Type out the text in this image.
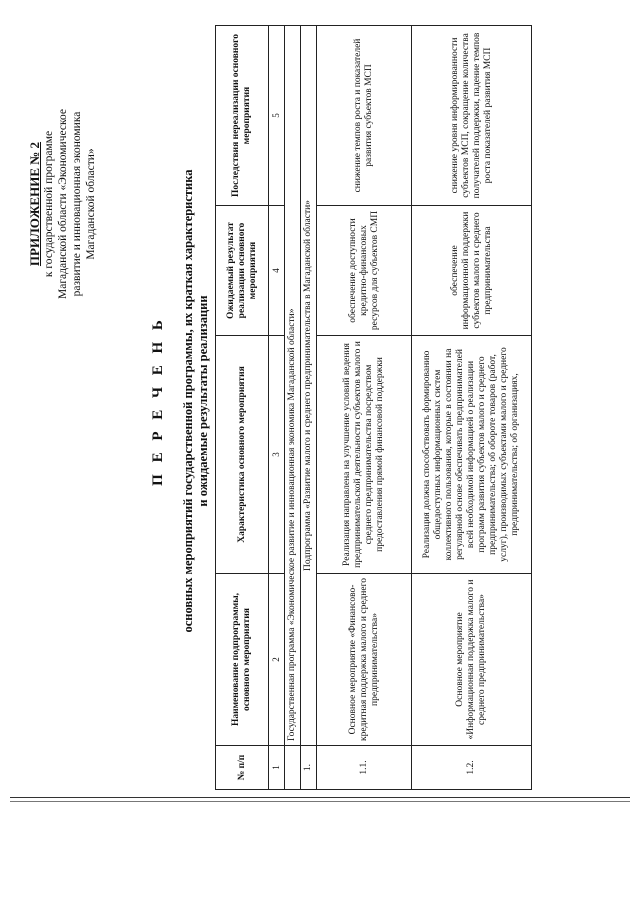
ПРИЛОЖЕНИЕ № 2 к государственной программе Магаданской области «Экономическое развитие и инновационная экономика Магаданской области»
П Е Р Е Ч Е Н Ь основных мероприятий государственной программы, их краткая характеристика и ожидаемые результаты реализации
№ п/п	Наименование подпрограммы, основного мероприятия	Характеристика основного мероприятия	Ожидаемый результат реализации основного мероприятия	Последствия нереализации основного мероприятия
1	2	3	4	5
	Государственная программа «Экономическое развитие и инновационная экономика Магаданской области»			
1.	Подпрограмма «Развитие малого и среднего предпринимательства в Магаданской области»			
1.1.	Основное мероприятие «Финансово-кредитная поддержка малого и среднего предпринимательства»	Реализация направлена на улучшение условий ведения предпринимательской деятельности субъектов малого и среднего предпринимательства посредством предоставления прямой финансовой поддержки	обеспечение доступности кредитно-финансовых ресурсов для субъектов СМП	снижение темпов роста и показателей развития субъектов МСП
1.2.	Основное мероприятие «Информационная поддержка малого и среднего предпринимательства»	Реализация должна способствовать формированию общедоступных информационных систем коллективного пользования, которые в состоянии на регулярной основе обеспечивать предпринимателей всей необходимой информацией о реализации программ развития субъектов малого и среднего предпринимательства; об обороте товаров (работ, услуг), производимых субъектами малого и среднего предпринимательства; об организациях,	обеспечение информационной поддержки субъектов малого и среднего предпринимательства	снижение уровня информированности субъектов МСП, сокращение количества получателей поддержки, падение темпов роста показателей развития МСП
